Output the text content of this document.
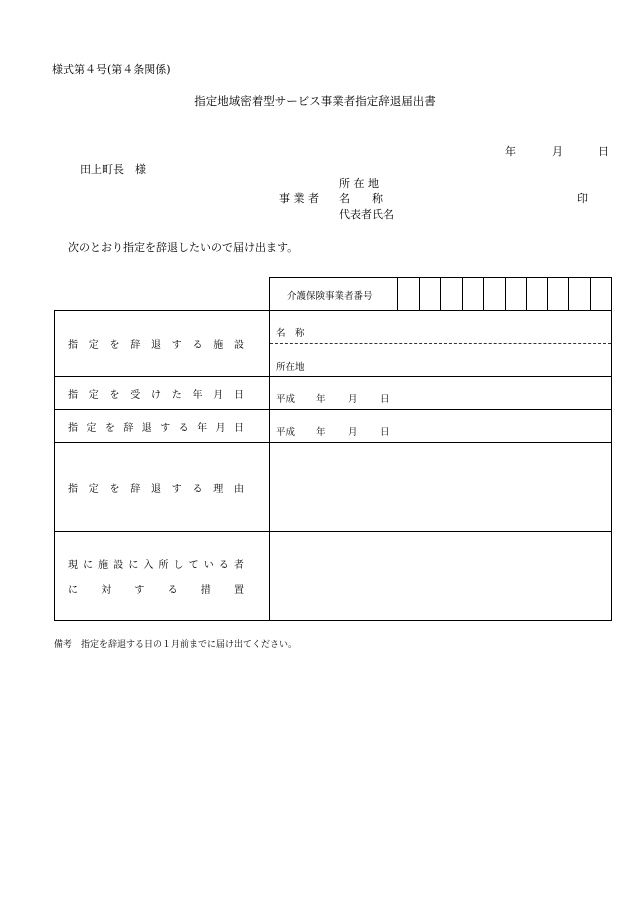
様式第４号(第４条関係)
指定地域密着型サービス事業者指定辞退届出書
年	月	日
田上町長　様
所 在 地
事 業 者 名　　称
代表者氏名
印
次のとおり指定を辞退したいので届け出ます。
介護保険事業者番号
指 定 を 辞 退 す る 施 設
指 定 を 受 け た 年 月 日
指 定 を 辞 退 す る 年 月 日
指 定 を 辞 退 す る 理 由
現 に 施 設 に 入 所 し て い る 者
に 対 す る 措 置
名　称
所在地
平成 年 月 日
平成 年 月 日
備考　指定を辞退する日の１月前までに届け出てください。
